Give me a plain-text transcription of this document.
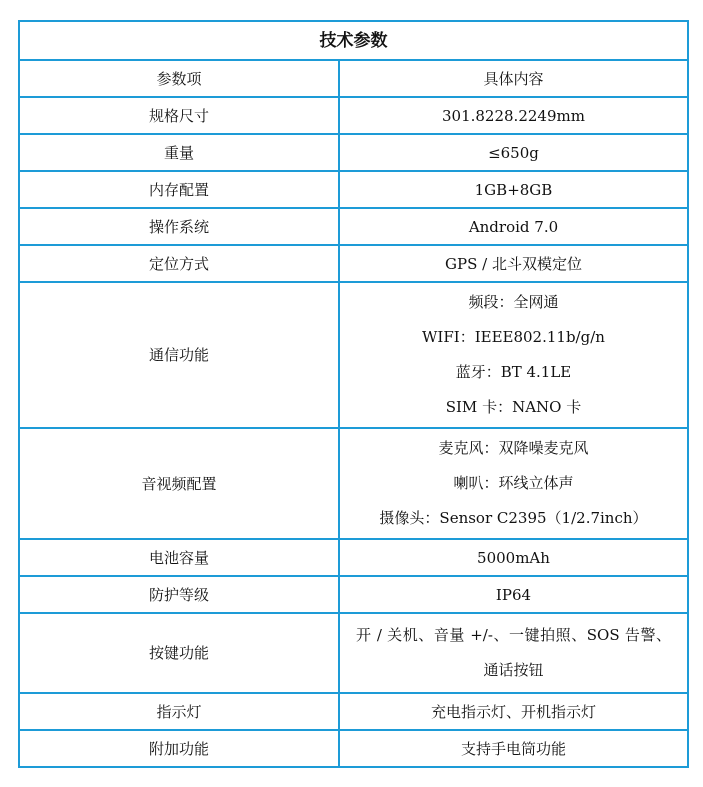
技术参数	
参数项	具体内容
规格尺寸	301.8228.2249mm
重量	≤650g
内存配置	1GB+8GB
操作系统	Android 7.0
定位方式	GPS / 北斗双模定位
通信功能	频段：全网通
WIFI：IEEE802.11b/g/n
蓝牙：BT 4.1LE
SIM 卡：NANO 卡

音视频配置	麦克风：双降噪麦克风
喇叭：环线立体声
摄像头：Sensor C2395（1/2.7inch）

电池容量	5000mAh
防护等级	IP64
按键功能	开 / 关机、音量 +/-、一键拍照、SOS 告警、通话按钮

指示灯	充电指示灯、开机指示灯
附加功能	支持手电筒功能
